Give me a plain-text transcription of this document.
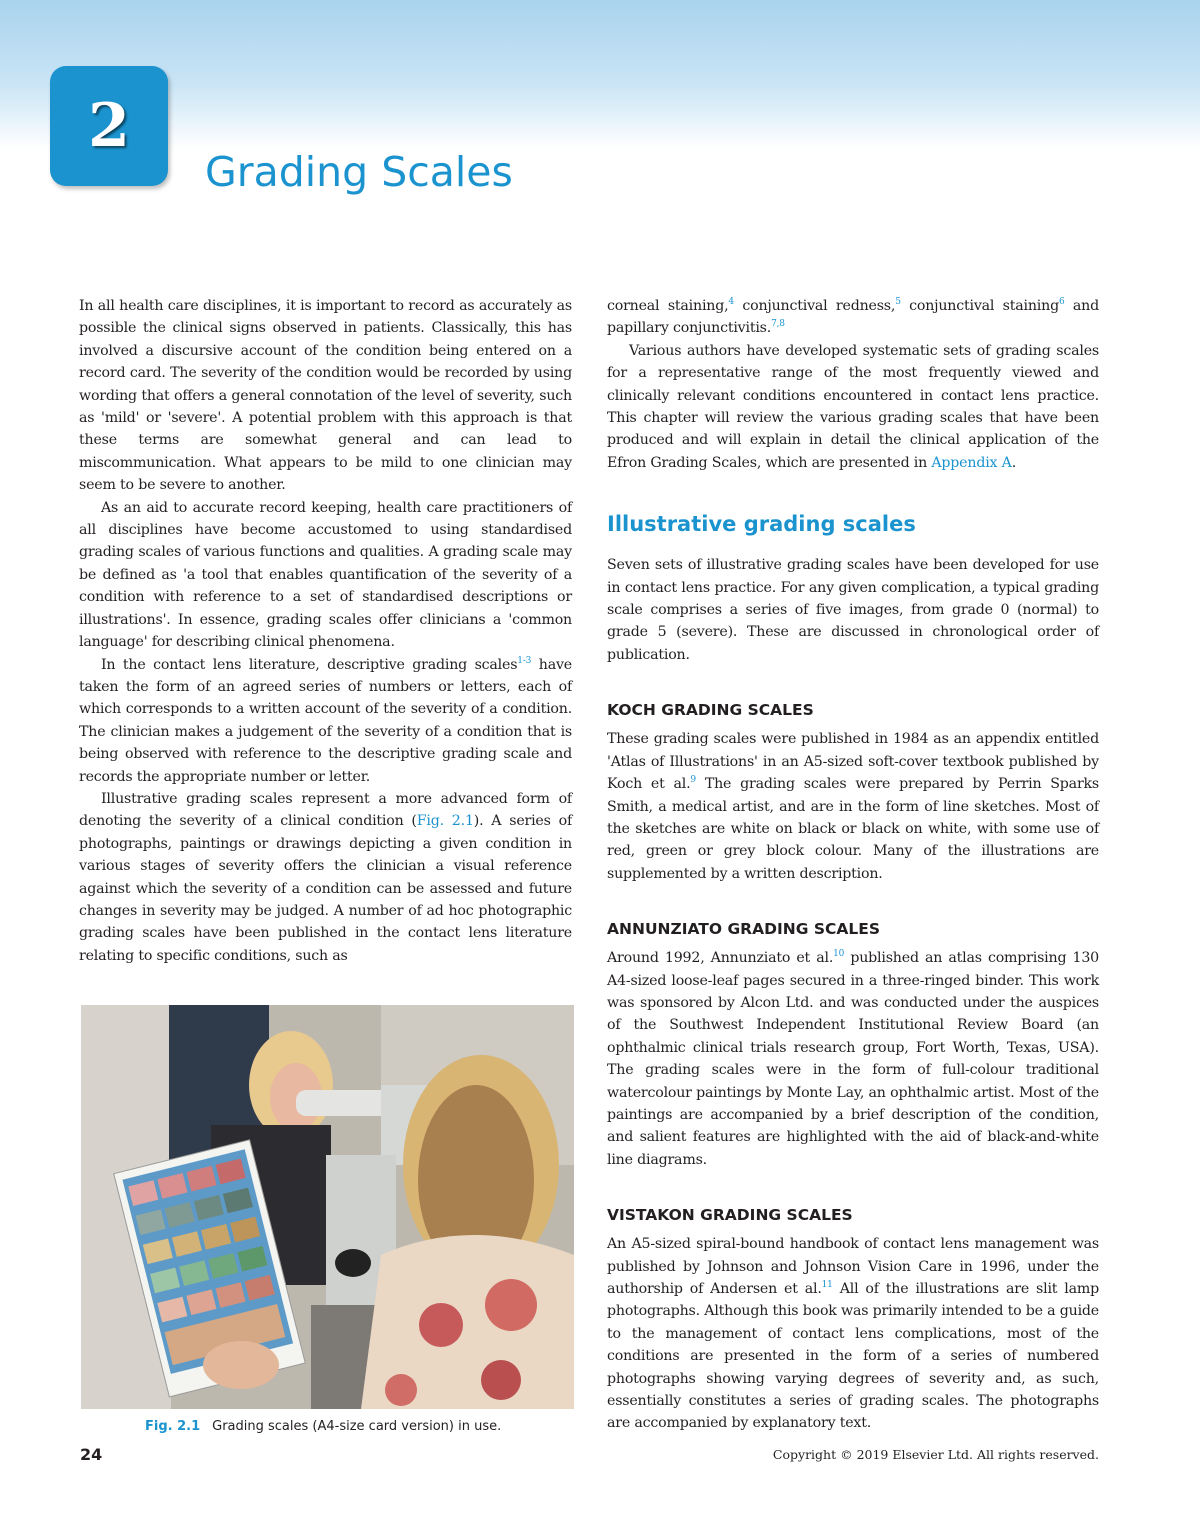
2
Grading Scales

In all health care disciplines, it is important to record as accurately as possible the clinical signs observed in patients. Classically, this has involved a discursive account of the condition being entered on a record card. The severity of the condition would be recorded by using wording that offers a general connotation of the level of severity, such as 'mild' or 'severe'. A potential problem with this approach is that these terms are somewhat general and can lead to miscommunication. What appears to be mild to one clinician may seem to be severe to another.

As an aid to accurate record keeping, health care practitioners of all disciplines have become accustomed to using standardised grading scales of various functions and qualities. A grading scale may be defined as 'a tool that enables quantification of the severity of a condition with reference to a set of standardised descriptions or illustrations'. In essence, grading scales offer clinicians a 'common language' for describing clinical phenomena.

In the contact lens literature, descriptive grading scales$^{1-3}$ have taken the form of an agreed series of numbers or letters, each of which corresponds to a written account of the severity of a condition. The clinician makes a judgement of the severity of a condition that is being observed with reference to the descriptive grading scale and records the appropriate number or letter.

Illustrative grading scales represent a more advanced form of denoting the severity of a clinical condition (Fig. 2.1). A series of photographs, paintings or drawings depicting a given condition in various stages of severity offers the clinician a visual reference against which the severity of a condition can be assessed and future changes in severity may be judged. A number of ad hoc photographic grading scales have been published in the contact lens literature relating to specific conditions, such as

Fig. 2.1 Grading scales (A4-size card version) in use.

corneal staining,$^4$ conjunctival redness,$^5$ conjunctival staining$^6$ and papillary conjunctivitis.$^{7,8}$

Various authors have developed systematic sets of grading scales for a representative range of the most frequently viewed and clinically relevant conditions encountered in contact lens practice. This chapter will review the various grading scales that have been produced and will explain in detail the clinical application of the Efron Grading Scales, which are presented in Appendix A.

Illustrative grading scales

Seven sets of illustrative grading scales have been developed for use in contact lens practice. For any given complication, a typical grading scale comprises a series of five images, from grade 0 (normal) to grade 5 (severe). These are discussed in chronological order of publication.

KOCH GRADING SCALES

These grading scales were published in 1984 as an appendix entitled 'Atlas of Illustrations' in an A5-sized soft-cover textbook published by Koch et al.$^9$ The grading scales were prepared by Perrin Sparks Smith, a medical artist, and are in the form of line sketches. Most of the sketches are white on black or black on white, with some use of red, green or grey block colour. Many of the illustrations are supplemented by a written description.

ANNUNZIATO GRADING SCALES

Around 1992, Annunziato et al.$^{10}$ published an atlas comprising 130 A4-sized loose-leaf pages secured in a three-ringed binder. This work was sponsored by Alcon Ltd. and was conducted under the auspices of the Southwest Independent Institutional Review Board (an ophthalmic clinical trials research group, Fort Worth, Texas, USA). The grading scales were in the form of full-colour traditional watercolour paintings by Monte Lay, an ophthalmic artist. Most of the paintings are accompanied by a brief description of the condition, and salient features are highlighted with the aid of black-and-white line diagrams.

VISTAKON GRADING SCALES

An A5-sized spiral-bound handbook of contact lens management was published by Johnson and Johnson Vision Care in 1996, under the authorship of Andersen et al.$^{11}$ All of the illustrations are slit lamp photographs. Although this book was primarily intended to be a guide to the management of contact lens complications, most of the conditions are presented in the form of a series of numbered photographs showing varying degrees of severity and, as such, essentially constitutes a series of grading scales. The photographs are accompanied by explanatory text.

24	Copyright © 2019 Elsevier Ltd. All rights reserved.
